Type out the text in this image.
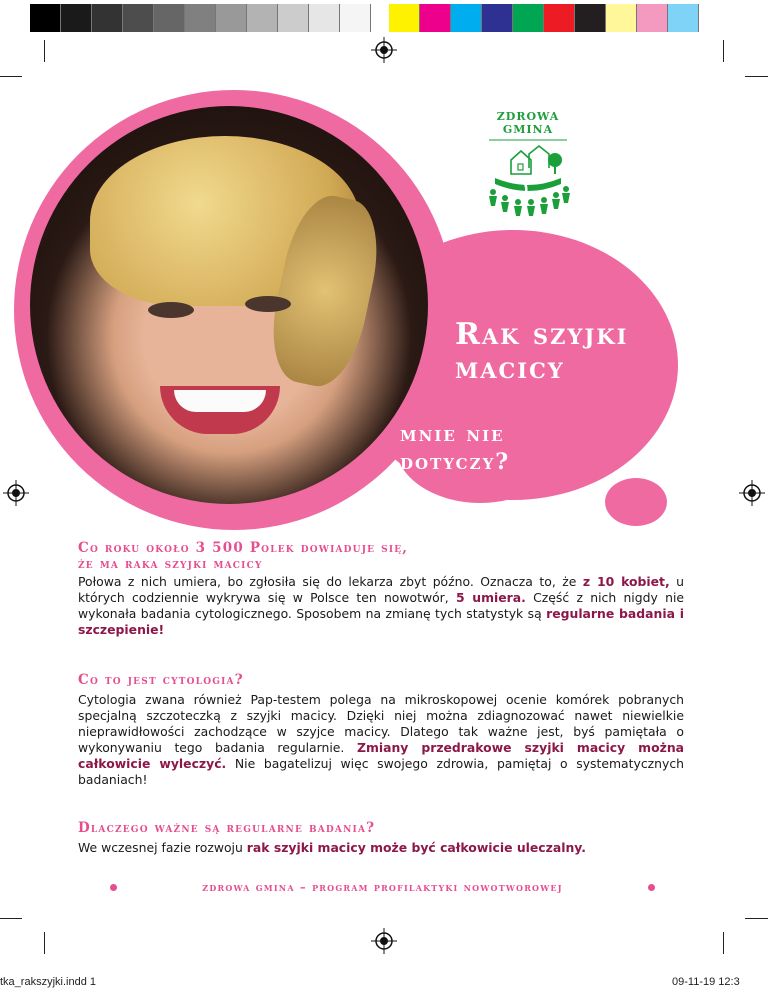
ZDROWA
GMINA
Rak szyjki
macicy
mnie nie
dotyczy?
Co roku około 3 500 Polek dowiaduje się,
że ma raka szyjki macicy

Połowa z nich umiera, bo zgłosiła się do lekarza zbyt późno. Oznacza to, że z 10 kobiet, u których codziennie wykrywa się w Polsce ten nowotwór, 5 umiera. Część z nich nigdy nie wykonała badania cytologicznego. Sposobem na zmianę tych statystyk są regularne badania i szczepienie!

Co to jest cytologia?

Cytologia zwana również Pap-testem polega na mikroskopowej ocenie komórek pobranych specjalną szczoteczką z szyjki macicy. Dzięki niej można zdiagnozować nawet niewielkie nieprawidłowości zachodzące w szyjce macicy. Dlatego tak ważne jest, byś pamiętała o wykonywaniu tego badania regularnie. Zmiany przedrakowe szyjki macicy można całkowicie wyleczyć. Nie bagatelizuj więc swojego zdrowia, pamiętaj o systematycznych badaniach!

Dlaczego ważne są regularne badania?

We wczesnej fazie rozwoju rak szyjki macicy może być całkowicie uleczalny.

zdrowa gmina – program profilaktyki nowotworowej
tka_rakszyjki.indd 1	09-11-19 12:3
